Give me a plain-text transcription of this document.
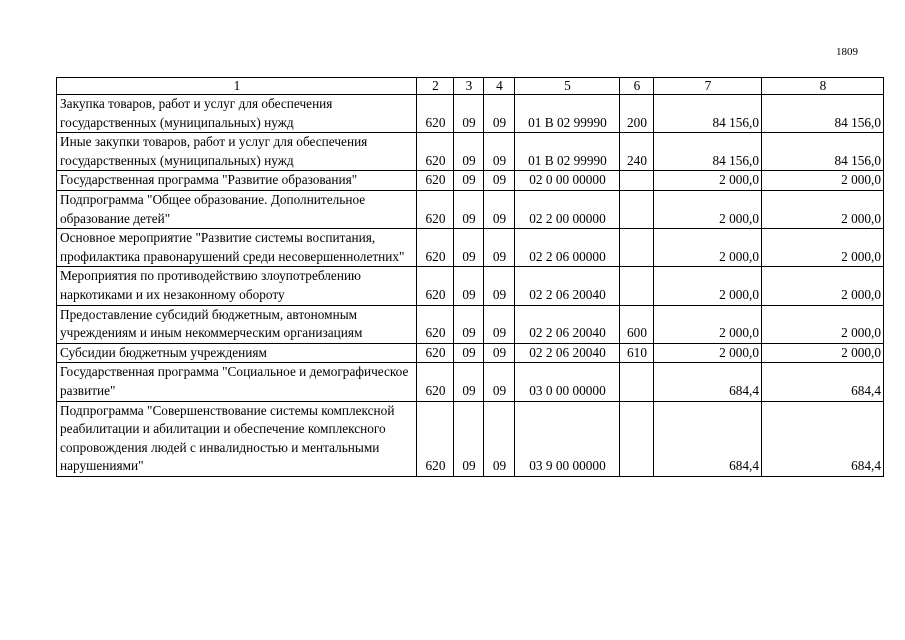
1809
1	2	3	4	5	6	7	8
Закупка товаров, работ и услуг для обеспечения государственных (муниципальных) нужд	620	09	09	01 В 02 99990	200	84 156,0	84 156,0
Иные закупки товаров, работ и услуг для обеспечения государственных (муниципальных) нужд	620	09	09	01 В 02 99990	240	84 156,0	84 156,0
Государственная программа "Развитие образования"	620	09	09	02 0 00 00000		2 000,0	2 000,0
Подпрограмма "Общее образование. Дополнительное образование детей"	620	09	09	02 2 00 00000		2 000,0	2 000,0
Основное мероприятие "Развитие системы воспитания, профилактика правонарушений среди несовершеннолетних"	620	09	09	02 2 06 00000		2 000,0	2 000,0
Мероприятия по противодействию злоупотреблению наркотиками и их незаконному обороту	620	09	09	02 2 06 20040		2 000,0	2 000,0
Предоставление субсидий бюджетным, автономным учреждениям и иным некоммерческим организациям	620	09	09	02 2 06 20040	600	2 000,0	2 000,0
Субсидии бюджетным учреждениям	620	09	09	02 2 06 20040	610	2 000,0	2 000,0
Государственная программа "Социальное и демографическое развитие"	620	09	09	03 0 00 00000		684,4	684,4
Подпрограмма "Совершенствование системы комплексной реабилитации и абилитации и обеспечение комплексного сопровождения людей с инвалидностью и ментальными нарушениями"	620	09	09	03 9 00 00000		684,4	684,4
